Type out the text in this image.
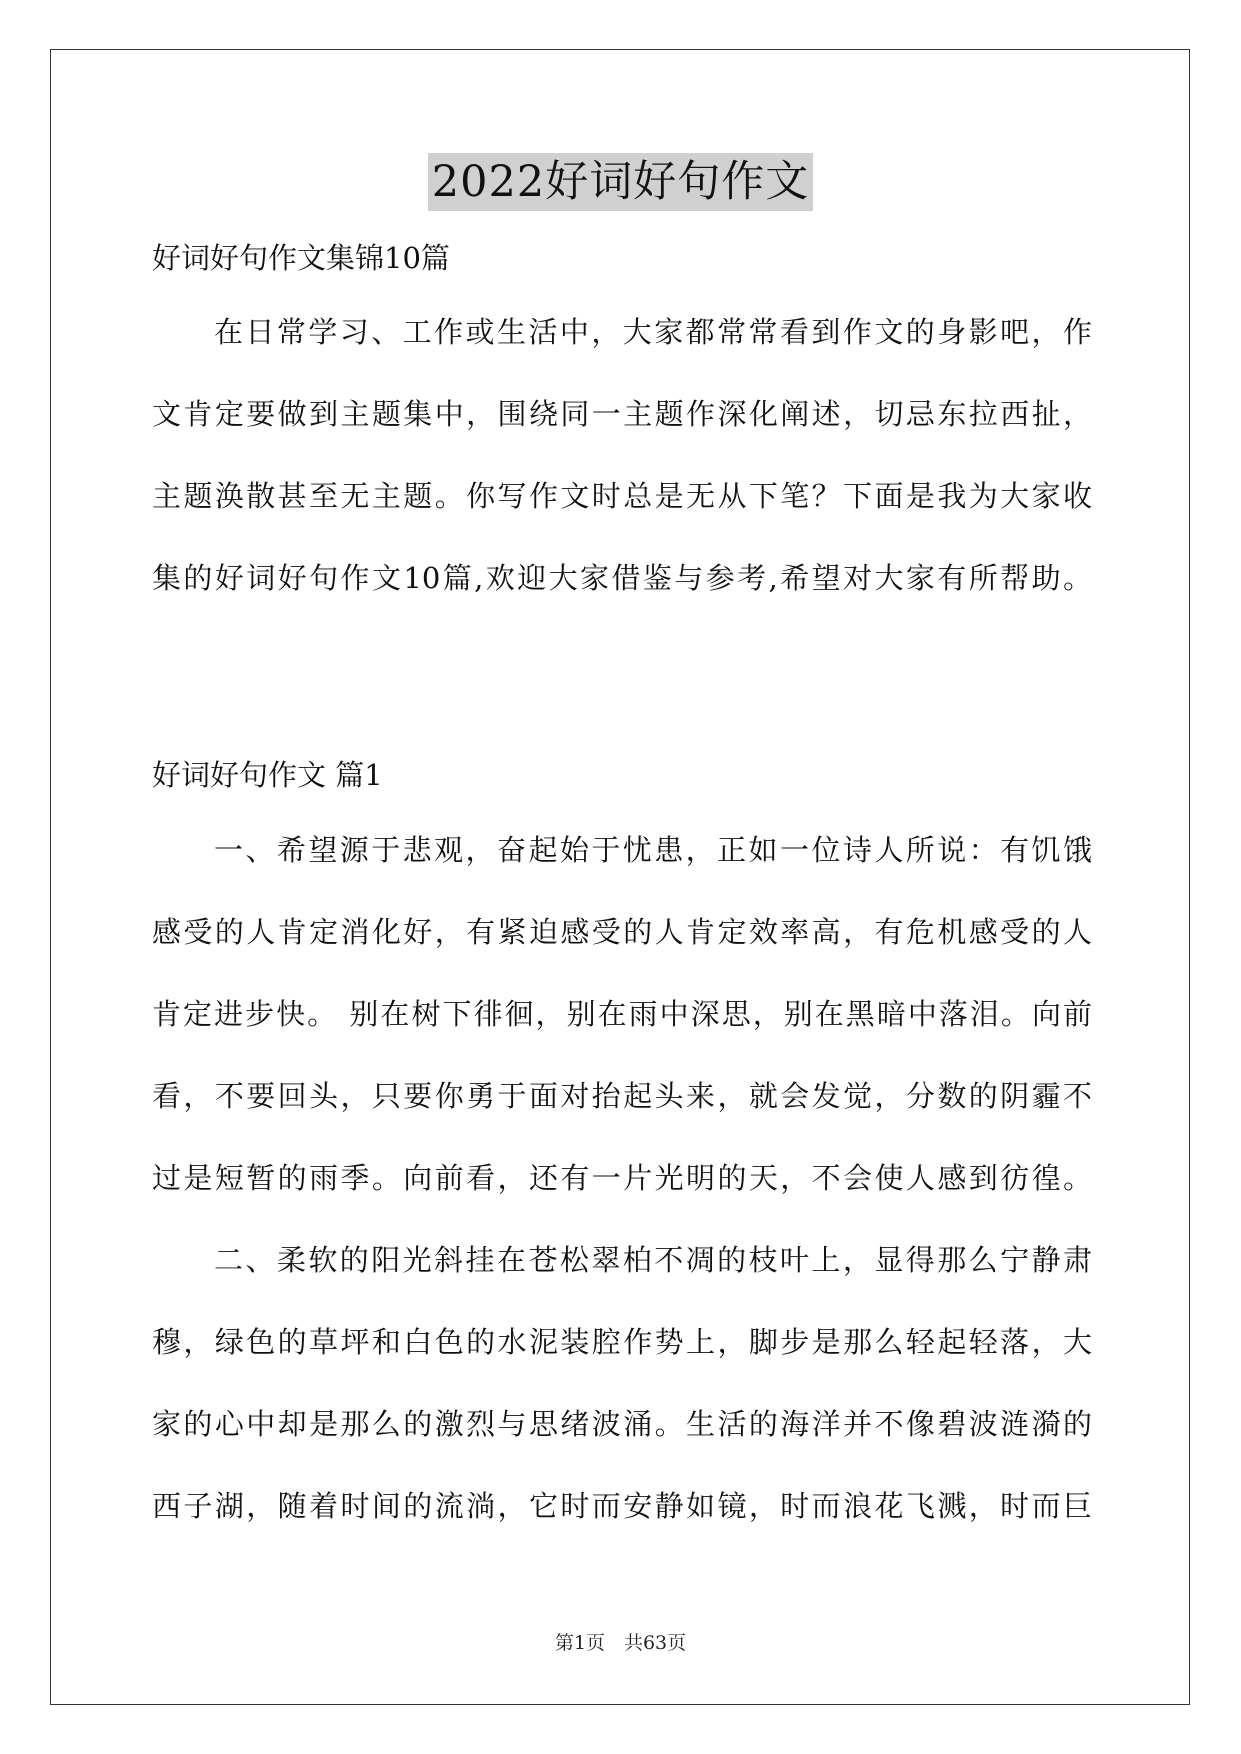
2022好词好句作文
好词好句作文集锦10篇
在日常学习、工作或生活中，大家都常常看到作文的身影吧，作
文肯定要做到主题集中，围绕同一主题作深化阐述，切忌东拉西扯，
主题涣散甚至无主题。你写作文时总是无从下笔？下面是我为大家收
集的好词好句作文10篇,欢迎大家借鉴与参考,希望对大家有所帮助。
好词好句作文 篇1
一、希望源于悲观，奋起始于忧患，正如一位诗人所说：有饥饿
感受的人肯定消化好，有紧迫感受的人肯定效率高，有危机感受的人
肯定进步快。 别在树下徘徊，别在雨中深思，别在黑暗中落泪。向前
看，不要回头，只要你勇于面对抬起头来，就会发觉，分数的阴霾不
过是短暂的雨季。向前看，还有一片光明的天，不会使人感到彷徨。
二、柔软的阳光斜挂在苍松翠柏不凋的枝叶上，显得那么宁静肃
穆，绿色的草坪和白色的水泥装腔作势上，脚步是那么轻起轻落，大
家的心中却是那么的激烈与思绪波涌。生活的海洋并不像碧波涟漪的
西子湖，随着时间的流淌，它时而安静如镜，时而浪花飞溅，时而巨
第1页　共63页
